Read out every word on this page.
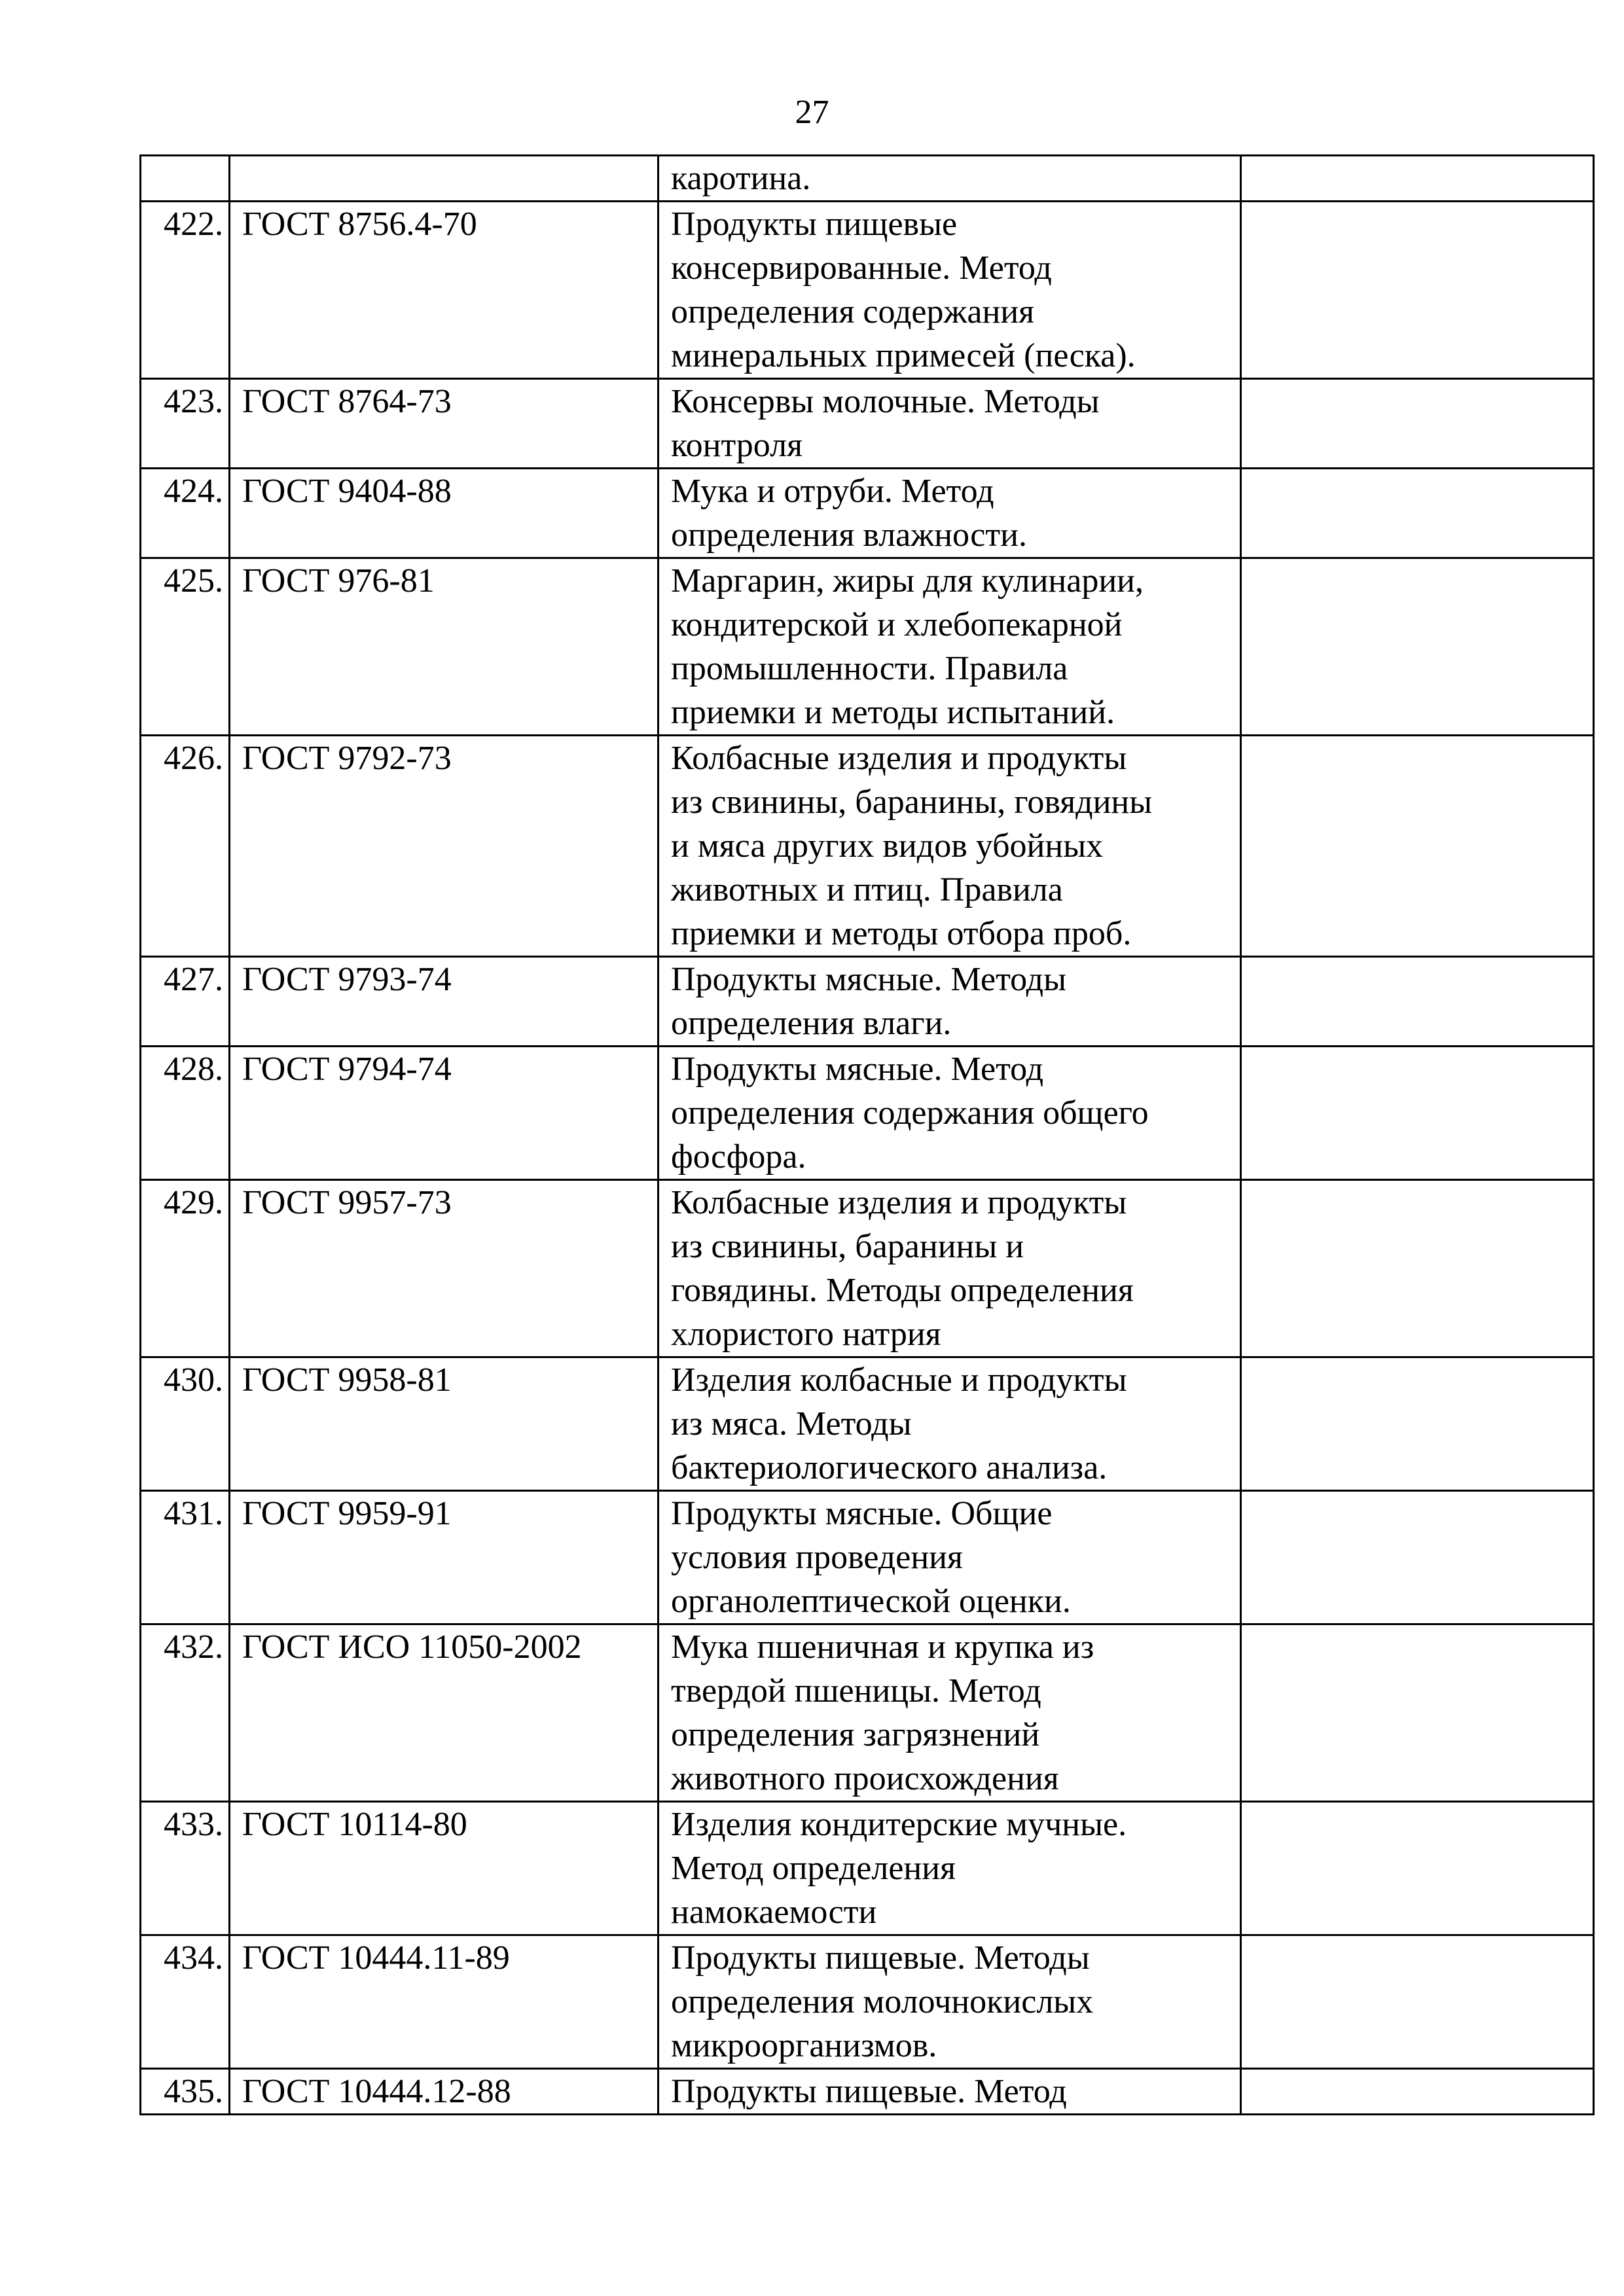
27
		каротина.	
422.	ГОСТ 8756.4-70	Продукты пищевые
консервированные. Метод
определения содержания
минеральных примесей (песка).	
423.	ГОСТ 8764-73	Консервы молочные. Методы
контроля	
424.	ГОСТ 9404-88	Мука и отруби. Метод
определения влажности.	
425.	ГОСТ 976-81	Маргарин, жиры для кулинарии,
кондитерской и хлебопекарной
промышленности. Правила
приемки и методы испытаний.	
426.	ГОСТ 9792-73	Колбасные изделия и продукты
из свинины, баранины, говядины
и мяса других видов убойных
животных и птиц. Правила
приемки и методы отбора проб.	
427.	ГОСТ 9793-74	Продукты мясные. Методы
определения влаги.	
428.	ГОСТ 9794-74	Продукты мясные. Метод
определения содержания общего
фосфора.	
429.	ГОСТ 9957-73	Колбасные изделия и продукты
из свинины, баранины и
говядины. Методы определения
хлористого натрия	
430.	ГОСТ 9958-81	Изделия колбасные и продукты
из мяса. Методы
бактериологического анализа.	
431.	ГОСТ 9959-91	Продукты мясные. Общие
условия проведения
органолептической оценки.	
432.	ГОСТ ИСО 11050-2002	Мука пшеничная и крупка из
твердой пшеницы. Метод
определения загрязнений
животного происхождения	
433.	ГОСТ 10114-80	Изделия кондитерские мучные.
Метод определения
намокаемости	
434.	ГОСТ 10444.11-89	Продукты пищевые. Методы
определения молочнокислых
микроорганизмов.	
435.	ГОСТ 10444.12-88	Продукты пищевые. Метод	
